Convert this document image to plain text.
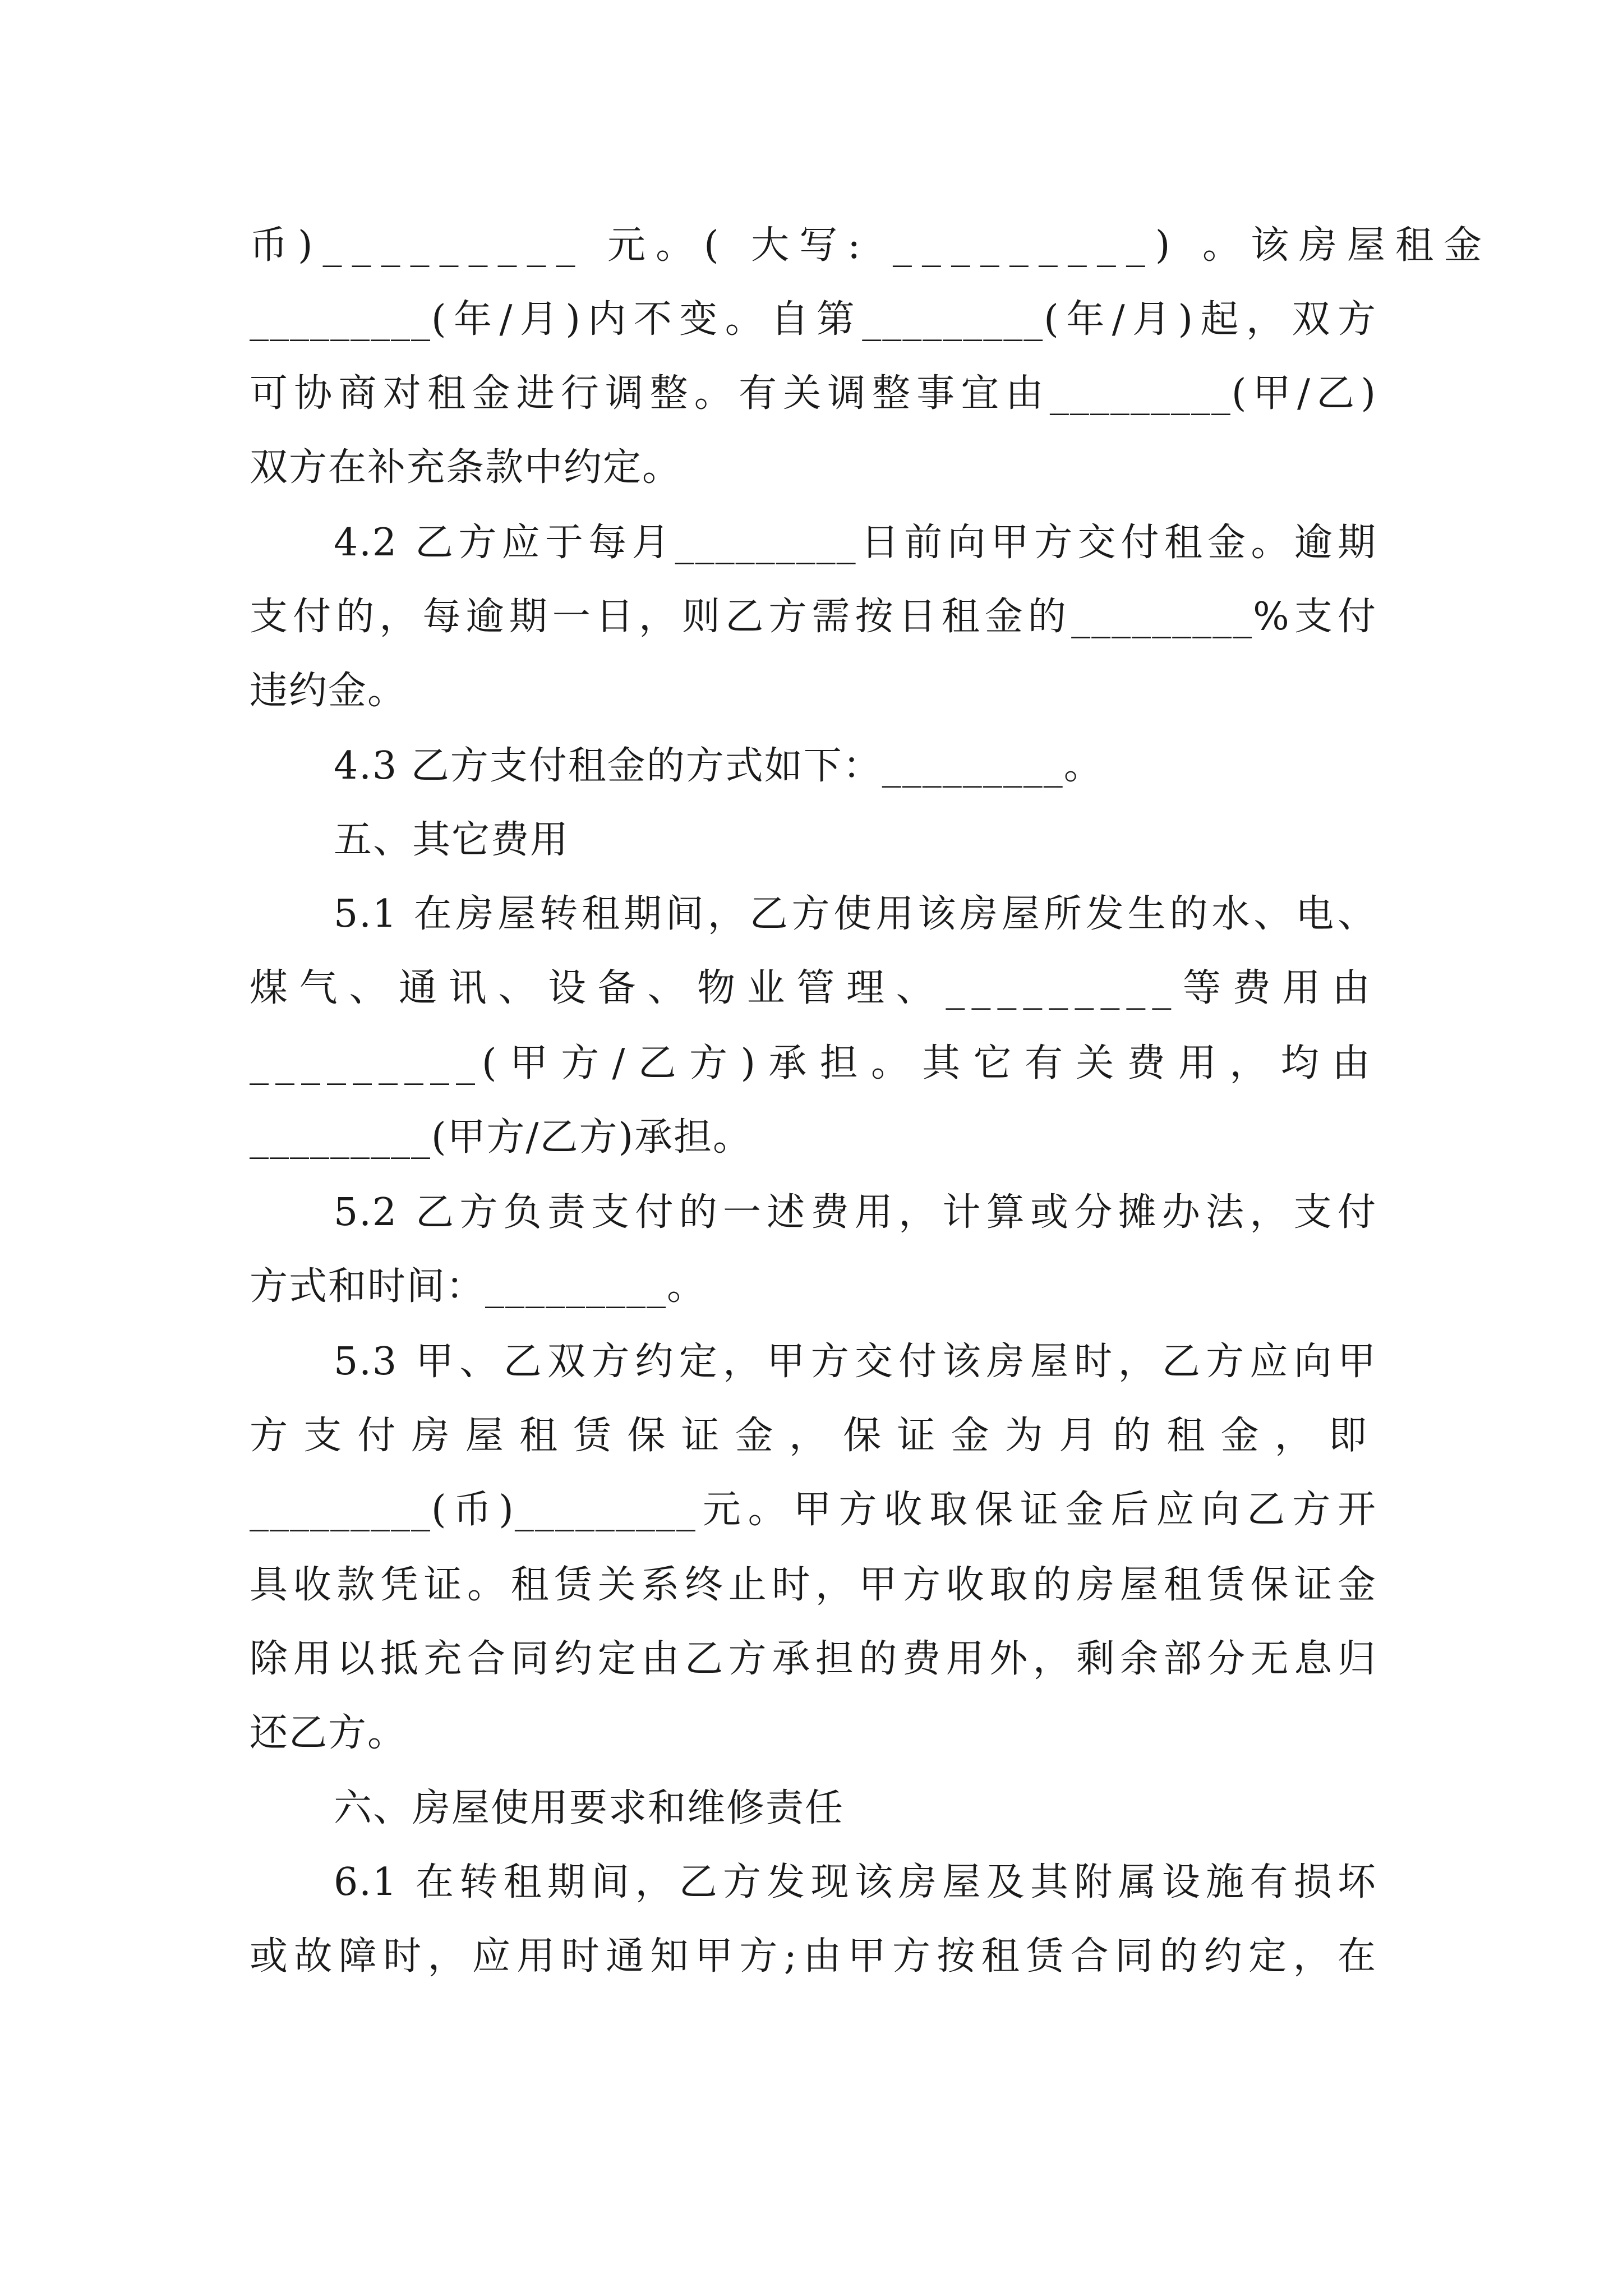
币)_________ 元。( 大写: _________) 。该房屋租金
_________(年/月)内不变。自第_________(年/月)起，双方
可协商对租金进行调整。有关调整事宜由_________(甲/乙)
双方在补充条款中约定。
4.2 乙方应于每月_________日前向甲方交付租金。逾期
支付的，每逾期一日，则乙方需按日租金的_________%支付
违约金。
4.3 乙方支付租金的方式如下：_________。
五、其它费用
5.1 在房屋转租期间，乙方使用该房屋所发生的水、电、
煤气、通讯、设备、物业管理、_________等费用由
_________(甲方/乙方)承担。其它有关费用，均由
_________(甲方/乙方)承担。
5.2 乙方负责支付的一述费用，计算或分摊办法，支付
方式和时间：_________。
5.3 甲、乙双方约定，甲方交付该房屋时，乙方应向甲
方支付房屋租赁保证金，保证金为月的租金，即
_________(币)_________元。甲方收取保证金后应向乙方开
具收款凭证。租赁关系终止时，甲方收取的房屋租赁保证金
除用以抵充合同约定由乙方承担的费用外，剩余部分无息归
还乙方。
六、房屋使用要求和维修责任
6.1 在转租期间，乙方发现该房屋及其附属设施有损坏
或故障时，应用时通知甲方;由甲方按租赁合同的约定，在
